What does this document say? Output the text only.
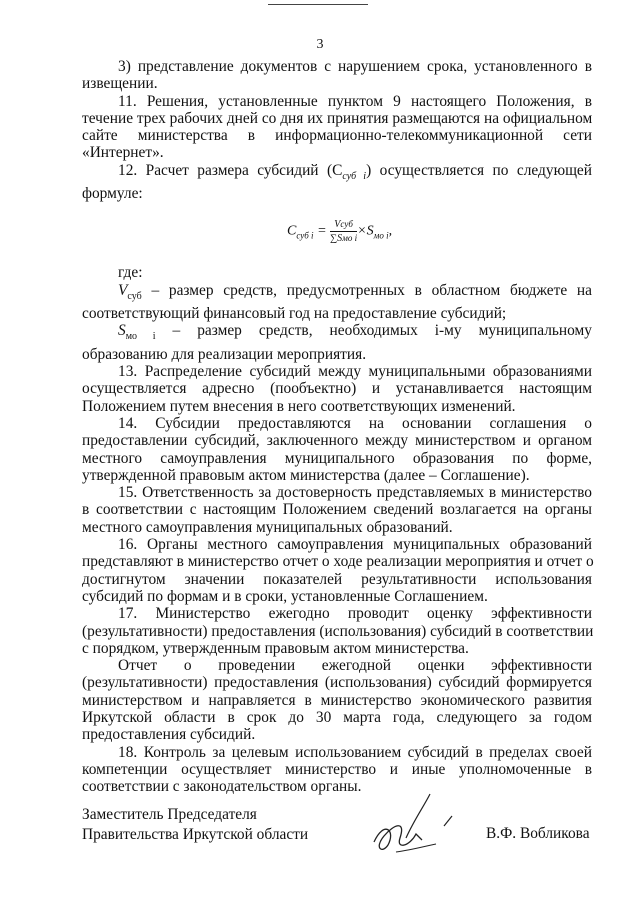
3
3) представление документов с нарушением срока, установленного в
извещении.
11. Решения, установленные пунктом 9 настоящего Положения, в
течение трех рабочих дней со дня их принятия размещаются на официальном
сайте министерства в информационно-телекоммуникационной сети
«Интернет».
12. Расчет размера субсидий $(C_{суб i})$ осуществляется по следующей
формуле:
$C_{суб i} = \frac{\text{Vсуб}}{\text{∑Sмо i}} \times S_{мо i}$,
где:
$V_{суб}$ – размер средств, предусмотренных в областном бюджете на
соответствующий финансовый год на предоставление субсидий;
$S_{мо i}$ – размер средств, необходимых i-му муниципальному
образованию для реализации мероприятия.
13. Распределение субсидий между муниципальными образованиями
осуществляется адресно (пообъектно) и устанавливается настоящим
Положением путем внесения в него соответствующих изменений.
14. Субсидии предоставляются на основании соглашения о
предоставлении субсидий, заключенного между министерством и органом
местного самоуправления муниципального образования по форме,
утвержденной правовым актом министерства (далее – Соглашение).
15. Ответственность за достоверность представляемых в министерство
в соответствии с настоящим Положением сведений возлагается на органы
местного самоуправления муниципальных образований.
16. Органы местного самоуправления муниципальных образований
представляют в министерство отчет о ходе реализации мероприятия и отчет о
достигнутом значении показателей результативности использования
субсидий по формам и в сроки, установленные Соглашением.
17. Министерство ежегодно проводит оценку эффективности
(результативности) предоставления (использования) субсидий в соответствии
с порядком, утвержденным правовым актом министерства.
Отчет о проведении ежегодной оценки эффективности
(результативности) предоставления (использования) субсидий формируется
министерством и направляется в министерство экономического развития
Иркутской области в срок до 30 марта года, следующего за годом
предоставления субсидий.
18. Контроль за целевым использованием субсидий в пределах своей
компетенции осуществляет министерство и иные уполномоченные в
соответствии с законодательством органы.
Заместитель Председателя
Правительства Иркутской области	В.Ф. Вобликова
